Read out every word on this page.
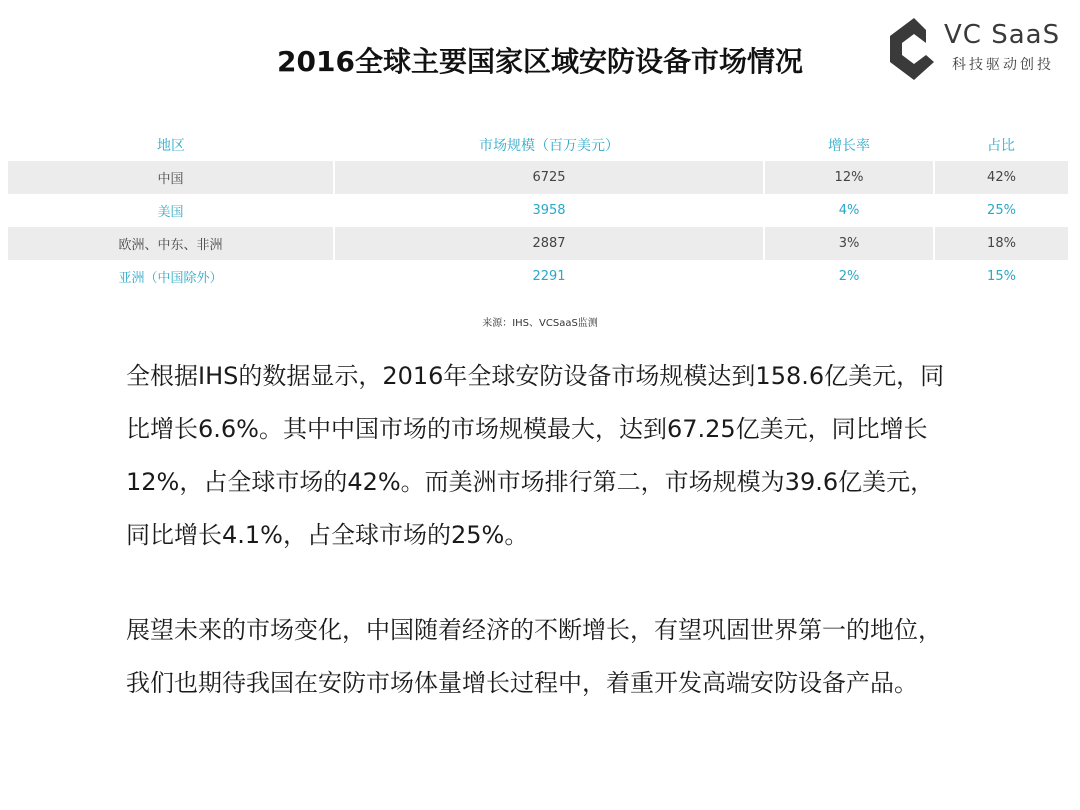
2016全球主要国家区域安防设备市场情况
VC SaaS
科技驱动创投
地区	市场规模（百万美元）	增长率	占比
中国	6725	12%	42%
美国	3958	4%	25%
欧洲、中东、非洲	2887	3%	18%
亚洲（中国除外）	2291	2%	15%
来源：IHS、VCSaaS监测

全根据IHS的数据显示，2016年全球安防设备市场规模达到158.6亿美元，同比增长6.6%。其中中国市场的市场规模最大，达到67.25亿美元，同比增长12%，占全球市场的42%。而美洲市场排行第二，市场规模为39.6亿美元，同比增长4.1%，占全球市场的25%。

展望未来的市场变化，中国随着经济的不断增长，有望巩固世界第一的地位，我们也期待我国在安防市场体量增长过程中，着重开发高端安防设备产品。
